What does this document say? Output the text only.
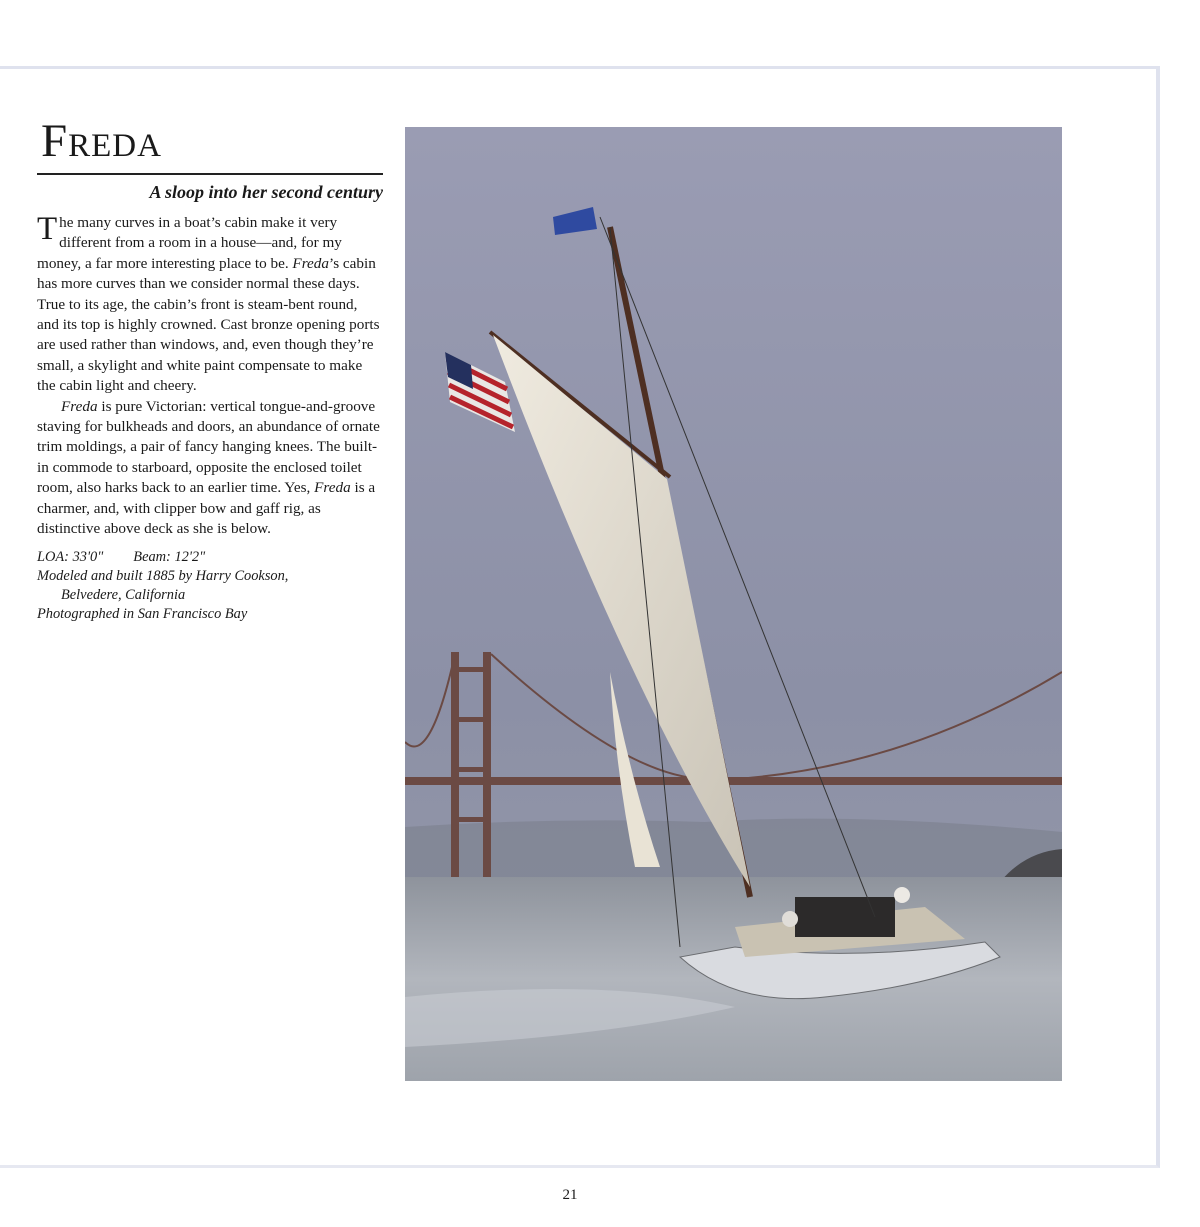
Freda
A sloop into her second century

The many curves in a boat’s cabin make it very different from a room in a house—and, for my money, a far more interesting place to be. Freda’s cabin has more curves than we consider normal these days. True to its age, the cabin’s front is steam-bent round, and its top is highly crowned. Cast bronze opening ports are used rather than windows, and, even though they’re small, a skylight and white paint compensate to make the cabin light and cheery.

Freda is pure Victorian: vertical tongue-and-groove staving for bulkheads and doors, an abundance of ornate trim moldings, a pair of fancy hanging knees. The built-in commode to starboard, opposite the enclosed toilet room, also harks back to an earlier time. Yes, Freda is a charmer, and, with clipper bow and gaff rig, as distinctive above deck as she is below.

LOA: 33'0" Beam: 12'2"
Modeled and built 1885 by Harry Cookson,
Belvedere, California
Photographed in San Francisco Bay
21
